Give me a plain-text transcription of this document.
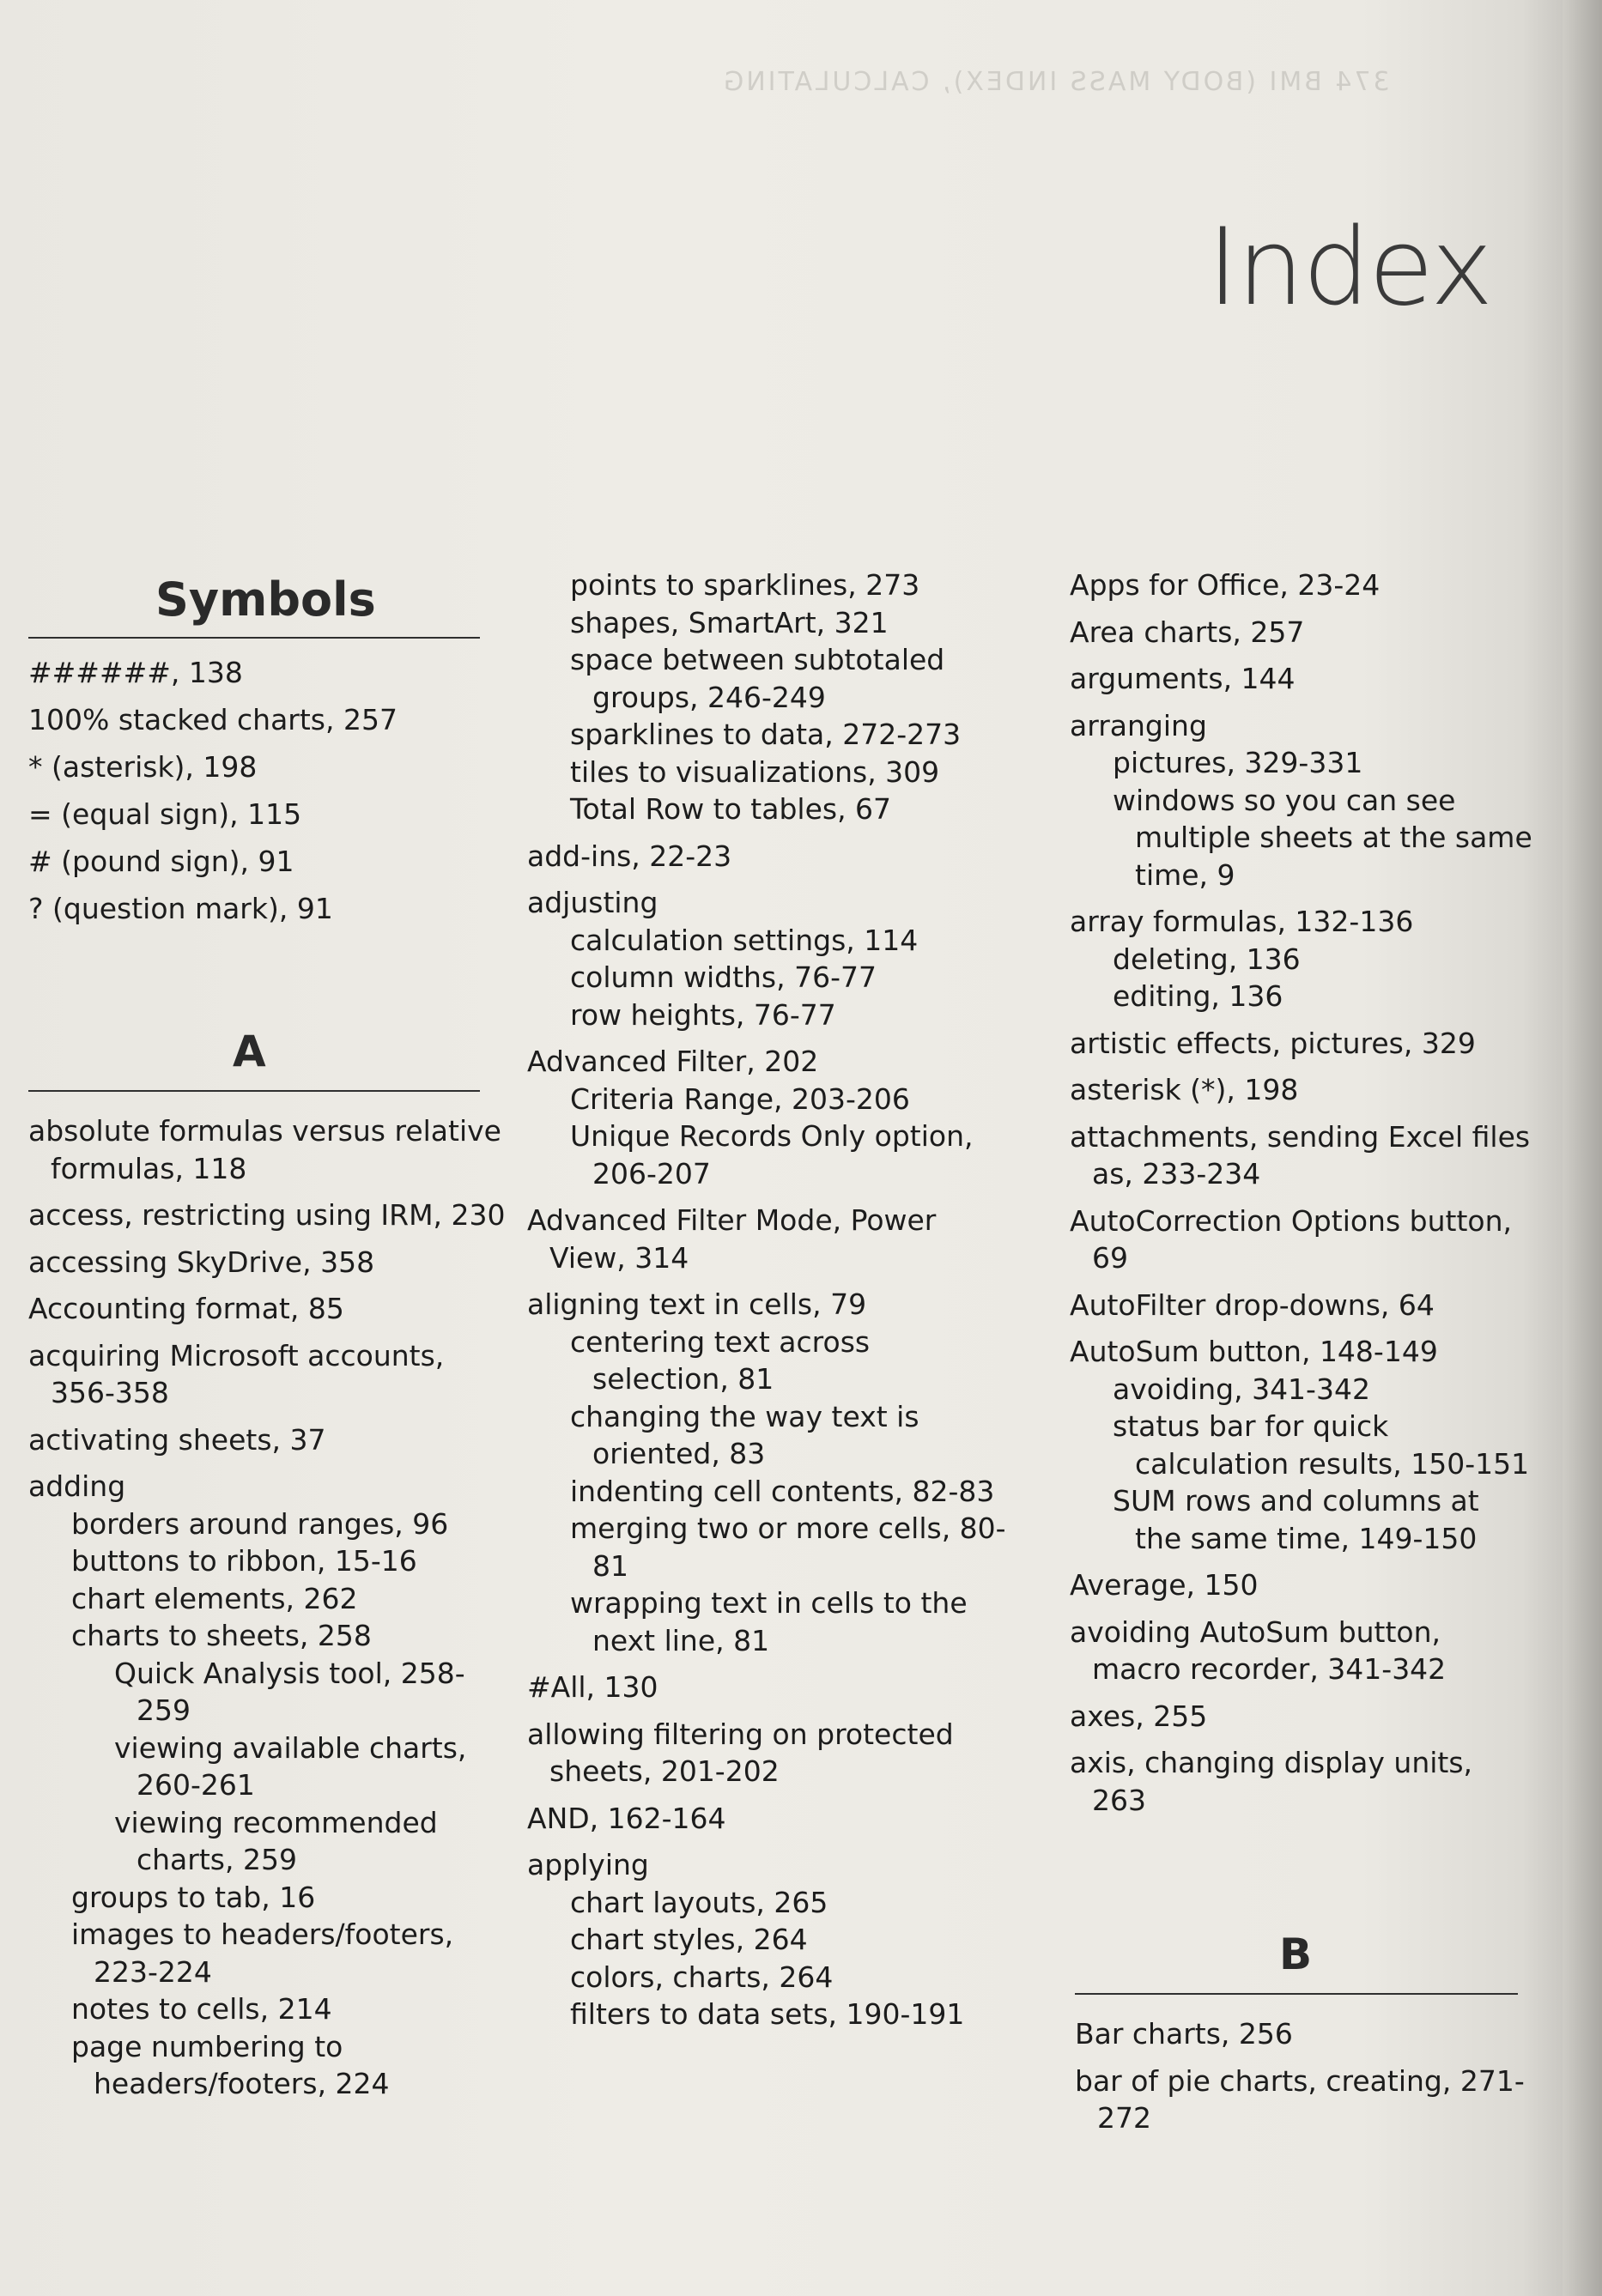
374 BMI (BODY MASS INDEX), CALCULATING
Index
Symbols
######, 138
100% stacked charts, 257
* (asterisk), 198
= (equal sign), 115
# (pound sign), 91
? (question mark), 91
A
absolute formulas versus relative formulas, 118
access, restricting using IRM, 230
accessing SkyDrive, 358
Accounting format, 85
acquiring Microsoft accounts, 356-358
activating sheets, 37
adding
borders around ranges, 96
buttons to ribbon, 15-16
chart elements, 262
charts to sheets, 258
Quick Analysis tool, 258-259
viewing available charts, 260-261
viewing recommended charts, 259
groups to tab, 16
images to headers/footers, 223-224
notes to cells, 214
page numbering to headers/footers, 224
points to sparklines, 273
shapes, SmartArt, 321
space between subtotaled groups, 246-249
sparklines to data, 272-273
tiles to visualizations, 309
Total Row to tables, 67
add-ins, 22-23
adjusting
calculation settings, 114
column widths, 76-77
row heights, 76-77
Advanced Filter, 202
Criteria Range, 203-206
Unique Records Only option, 206-207
Advanced Filter Mode, Power View, 314
aligning text in cells, 79
centering text across selection, 81
changing the way text is oriented, 83
indenting cell contents, 82-83
merging two or more cells, 80-81
wrapping text in cells to the next line, 81
#All, 130
allowing filtering on protected sheets, 201-202
AND, 162-164
applying
chart layouts, 265
chart styles, 264
colors, charts, 264
filters to data sets, 190-191
Apps for Office, 23-24
Area charts, 257
arguments, 144
arranging
pictures, 329-331
windows so you can see multiple sheets at the same time, 9
array formulas, 132-136
deleting, 136
editing, 136
artistic effects, pictures, 329
asterisk (*), 198
attachments, sending Excel files as, 233-234
AutoCorrection Options button, 69
AutoFilter drop-downs, 64
AutoSum button, 148-149
avoiding, 341-342
status bar for quick calculation results, 150-151
SUM rows and columns at the same time, 149-150
Average, 150
avoiding AutoSum button, macro recorder, 341-342
axes, 255
axis, changing display units, 263
B
Bar charts, 256
bar of pie charts, creating, 271-272
